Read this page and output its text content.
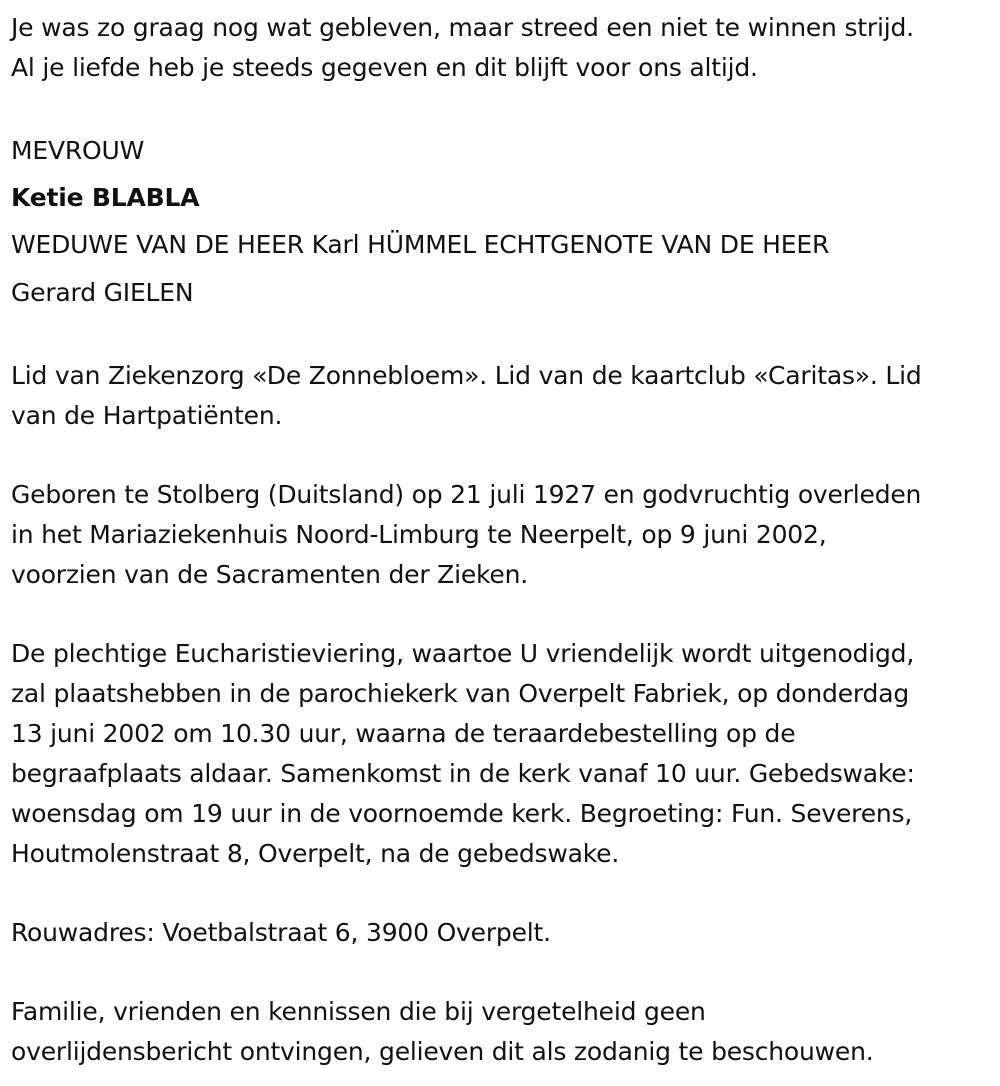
Je was zo graag nog wat gebleven, maar streed een niet te winnen strijd.
Al je liefde heb je steeds gegeven en dit blijft voor ons altijd.
MEVROUW
Ketie BLABLA
WEDUWE VAN DE HEER Karl HÜMMEL ECHTGENOTE VAN DE HEER
Gerard GIELEN
Lid van Ziekenzorg «De Zonnebloem». Lid van de kaartclub «Caritas». Lid
van de Hartpatiënten.
Geboren te Stolberg (Duitsland) op 21 juli 1927 en godvruchtig overleden
in het Mariaziekenhuis Noord-Limburg te Neerpelt, op 9 juni 2002,
voorzien van de Sacramenten der Zieken.
De plechtige Eucharistieviering, waartoe U vriendelijk wordt uitgenodigd,
zal plaatshebben in de parochiekerk van Overpelt Fabriek, op donderdag
13 juni 2002 om 10.30 uur, waarna de teraardebestelling op de
begraafplaats aldaar. Samenkomst in de kerk vanaf 10 uur. Gebedswake:
woensdag om 19 uur in de voornoemde kerk. Begroeting: Fun. Severens,
Houtmolenstraat 8, Overpelt, na de gebedswake.
Rouwadres: Voetbalstraat 6, 3900 Overpelt.
Familie, vrienden en kennissen die bij vergetelheid geen
overlijdensbericht ontvingen, gelieven dit als zodanig te beschouwen.
